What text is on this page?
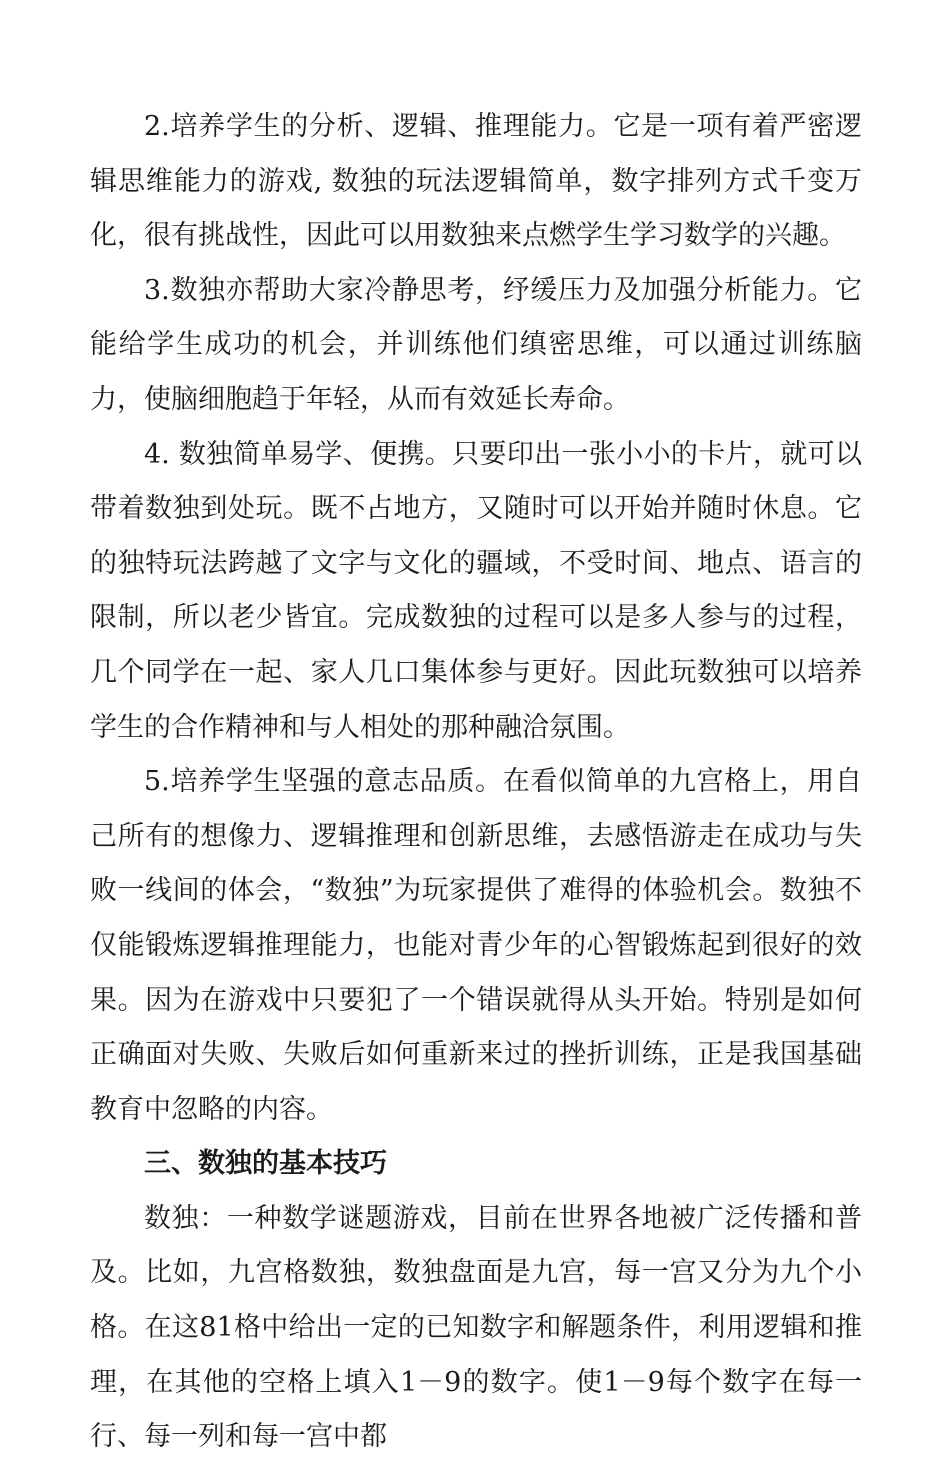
2.培养学生的分析、逻辑、推理能力。它是一项有着严密逻辑思维能力的游戏, 数独的玩法逻辑简单，数字排列方式千变万化，很有挑战性，因此可以用数独来点燃学生学习数学的兴趣。

3.数独亦帮助大家冷静思考，纾缓压力及加强分析能力。它能给学生成功的机会，并训练他们缜密思维，可以通过训练脑力，使脑细胞趋于年轻，从而有效延长寿命。

4. 数独简单易学、便携。只要印出一张小小的卡片，就可以带着数独到处玩。既不占地方，又随时可以开始并随时休息。它的独特玩法跨越了文字与文化的疆域，不受时间、地点、语言的限制，所以老少皆宜。完成数独的过程可以是多人参与的过程，几个同学在一起、家人几口集体参与更好。因此玩数独可以培养学生的合作精神和与人相处的那种融洽氛围。

5.培养学生坚强的意志品质。在看似简单的九宫格上，用自己所有的想像力、逻辑推理和创新思维，去感悟游走在成功与失败一线间的体会，“数独”为玩家提供了难得的体验机会。数独不仅能锻炼逻辑推理能力，也能对青少年的心智锻炼起到很好的效果。因为在游戏中只要犯了一个错误就得从头开始。特别是如何正确面对失败、失败后如何重新来过的挫折训练，正是我国基础教育中忽略的内容。

三、数独的基本技巧

数独：一种数学谜题游戏，目前在世界各地被广泛传播和普及。比如，九宫格数独，数独盘面是九宫，每一宫又分为九个小格。在这81格中给出一定的已知数字和解题条件，利用逻辑和推理，在其他的空格上填入1－9的数字。使1－9每个数字在每一行、每一列和每一宫中都
